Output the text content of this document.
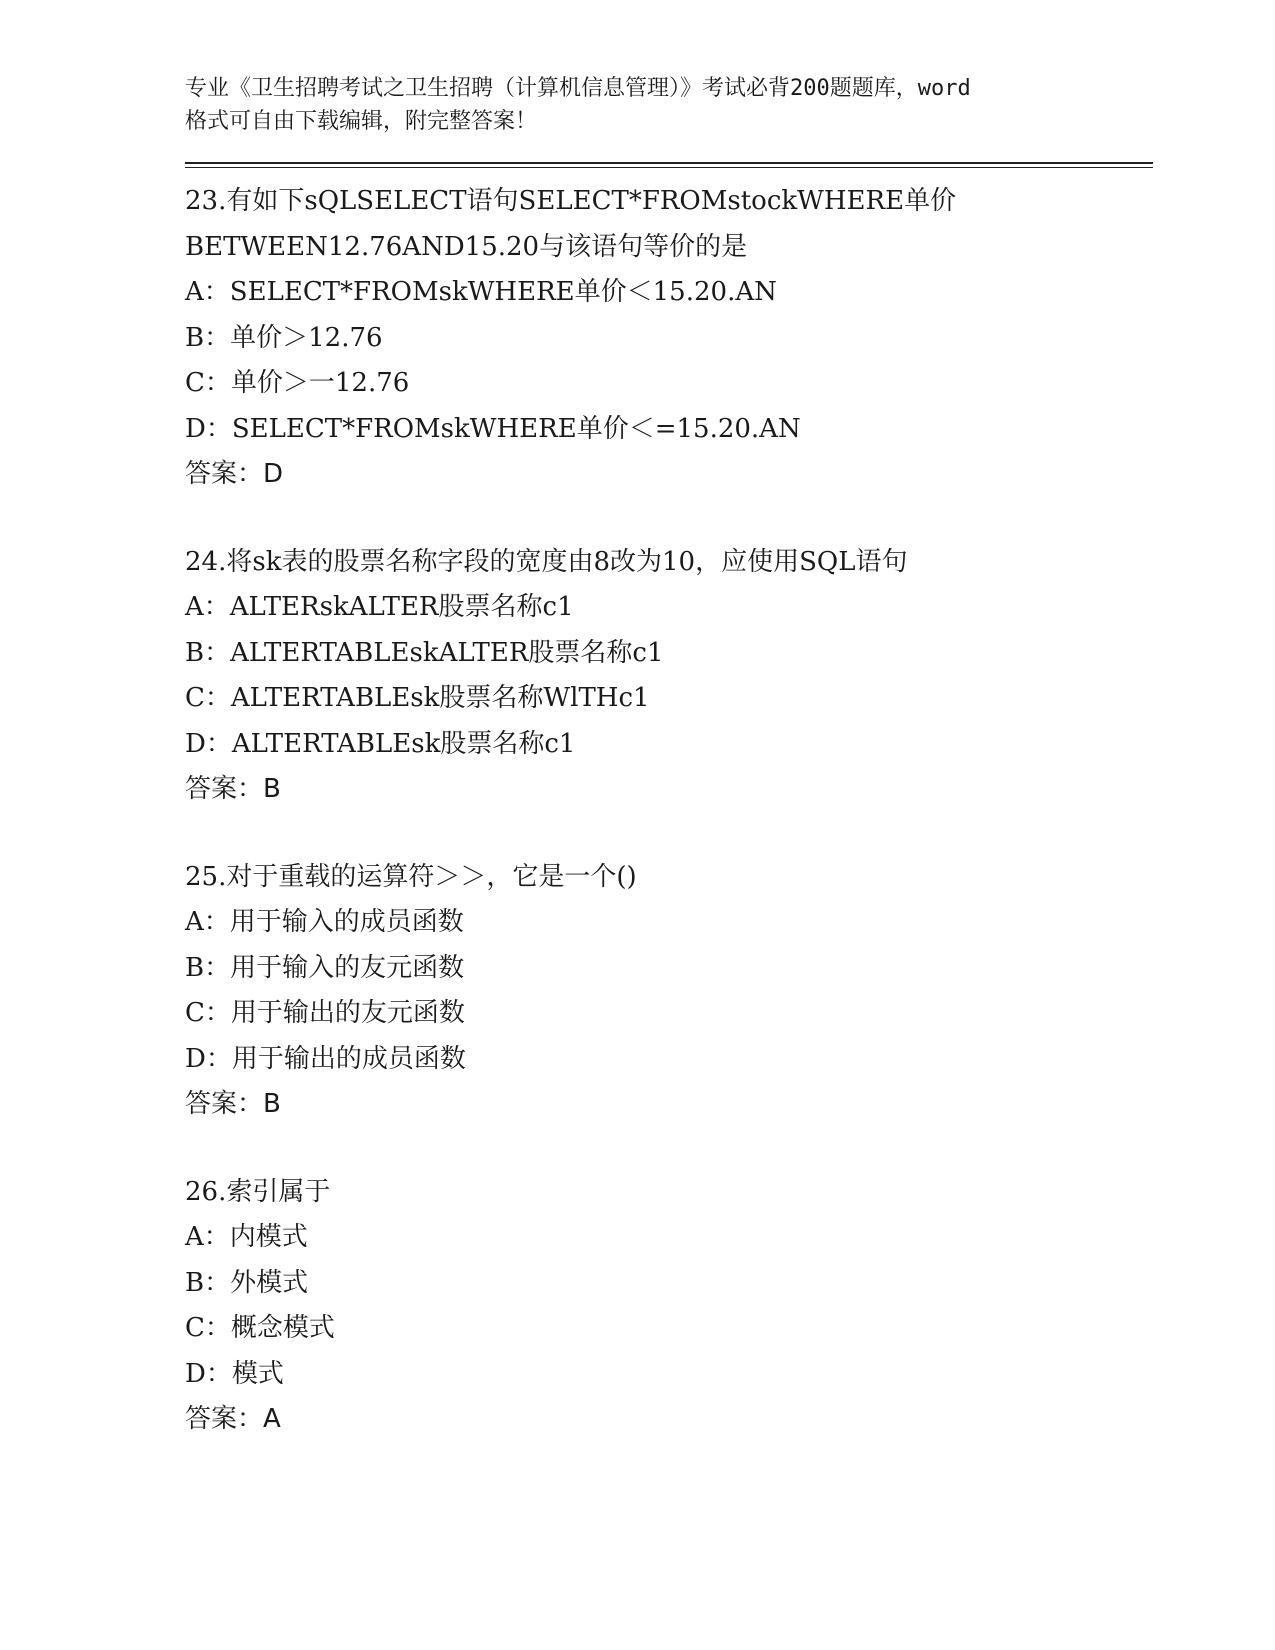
专业《卫生招聘考试之卫生招聘（计算机信息管理）》考试必背200题题库，word

格式可自由下载编辑，附完整答案！

23.有如下sQLSELECT语句SELECT*FROMstockWHERE单价

BETWEEN12.76AND15.20与该语句等价的是

A：SELECT*FROMskWHERE单价＜15.20.AN

B：单价＞12.76

C：单价＞一12.76

D：SELECT*FROMskWHERE单价＜=15.20.AN

答案：D

24.将sk表的股票名称字段的宽度由8改为10，应使用SQL语句

A：ALTERskALTER股票名称c1

B：ALTERTABLEskALTER股票名称c1

C：ALTERTABLEsk股票名称WlTHc1

D：ALTERTABLEsk股票名称c1

答案：B

25.对于重载的运算符＞＞，它是一个()

A：用于输入的成员函数

B：用于输入的友元函数

C：用于输出的友元函数

D：用于输出的成员函数

答案：B

26.索引属于

A：内模式

B：外模式

C：概念模式

D：模式

答案：A
